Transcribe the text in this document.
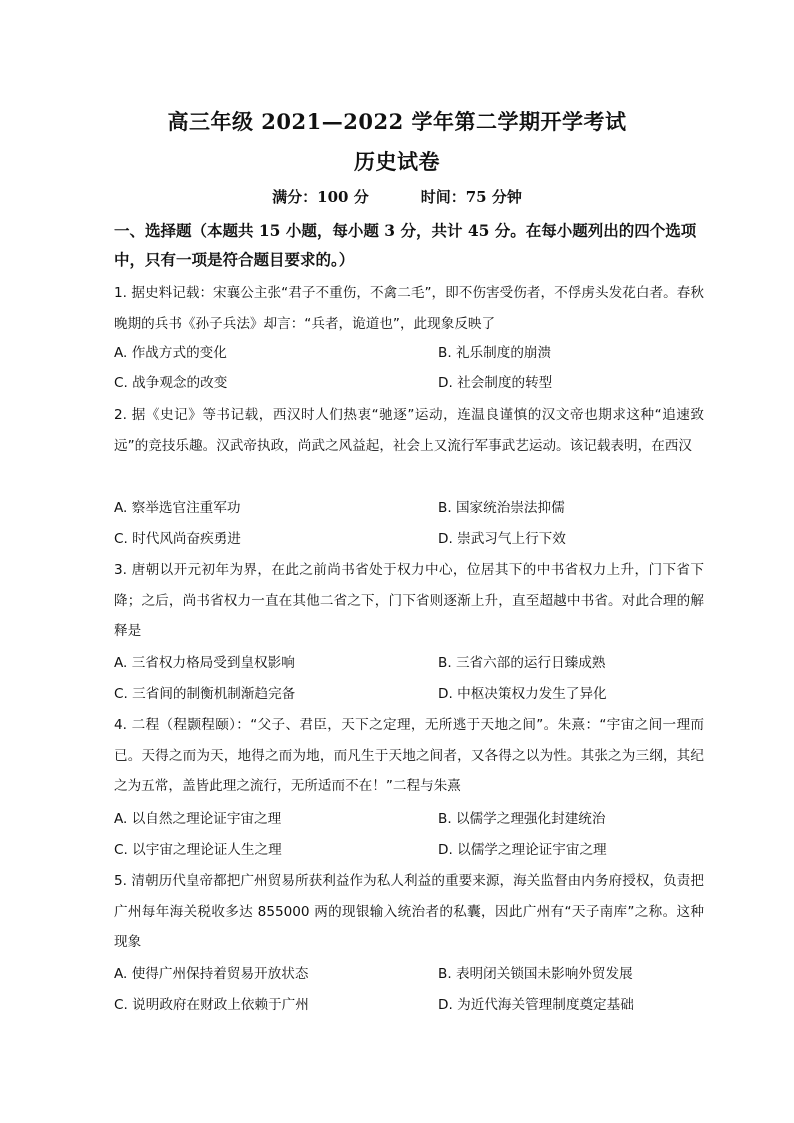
高三年级 2021—2022 学年第二学期开学考试
历史试卷
满分：100 分	时间：75 分钟
一、选择题（本题共 15 小题，每小题 3 分，共计 45 分。在每小题列出的四个选项中，只有一项是符合题目要求的。）
1. 据史料记载：宋襄公主张“君子不重伤，不禽二毛”，即不伤害受伤者，不俘虏头发花白者。春秋晚期的兵书《孙子兵法》却言：“兵者，诡道也”，此现象反映了
A. 作战方式的变化	B. 礼乐制度的崩溃
C. 战争观念的改变	D. 社会制度的转型
2. 据《史记》等书记载，西汉时人们热衷“驰逐”运动，连温良谨慎的汉文帝也期求这种“追速致远”的竞技乐趣。汉武帝执政，尚武之风益起，社会上又流行军事武艺运动。该记载表明，在西汉
A. 察举选官注重军功	B. 国家统治崇法抑儒
C. 时代风尚奋疾勇进	D. 崇武习气上行下效
3. 唐朝以开元初年为界，在此之前尚书省处于权力中心，位居其下的中书省权力上升，门下省下降；之后，尚书省权力一直在其他二省之下，门下省则逐渐上升，直至超越中书省。对此合理的解释是
A. 三省权力格局受到皇权影响	B. 三省六部的运行日臻成熟
C. 三省间的制衡机制渐趋完备	D. 中枢决策权力发生了异化
4. 二程（程颢程颐）：“父子、君臣，天下之定理，无所逃于天地之间”。朱熹：“宇宙之间一理而已。天得之而为天，地得之而为地，而凡生于天地之间者，又各得之以为性。其张之为三纲，其纪之为五常，盖皆此理之流行，无所适而不在！”二程与朱熹
A. 以自然之理论证宇宙之理	B. 以儒学之理强化封建统治
C. 以宇宙之理论证人生之理	D. 以儒学之理论证宇宙之理
5. 清朝历代皇帝都把广州贸易所获利益作为私人利益的重要来源，海关监督由内务府授权，负责把广州每年海关税收多达 855000 两的现银输入统治者的私囊，因此广州有“天子南库”之称。这种现象
A. 使得广州保持着贸易开放状态	B. 表明闭关锁国未影响外贸发展
C. 说明政府在财政上依赖于广州	D. 为近代海关管理制度奠定基础
